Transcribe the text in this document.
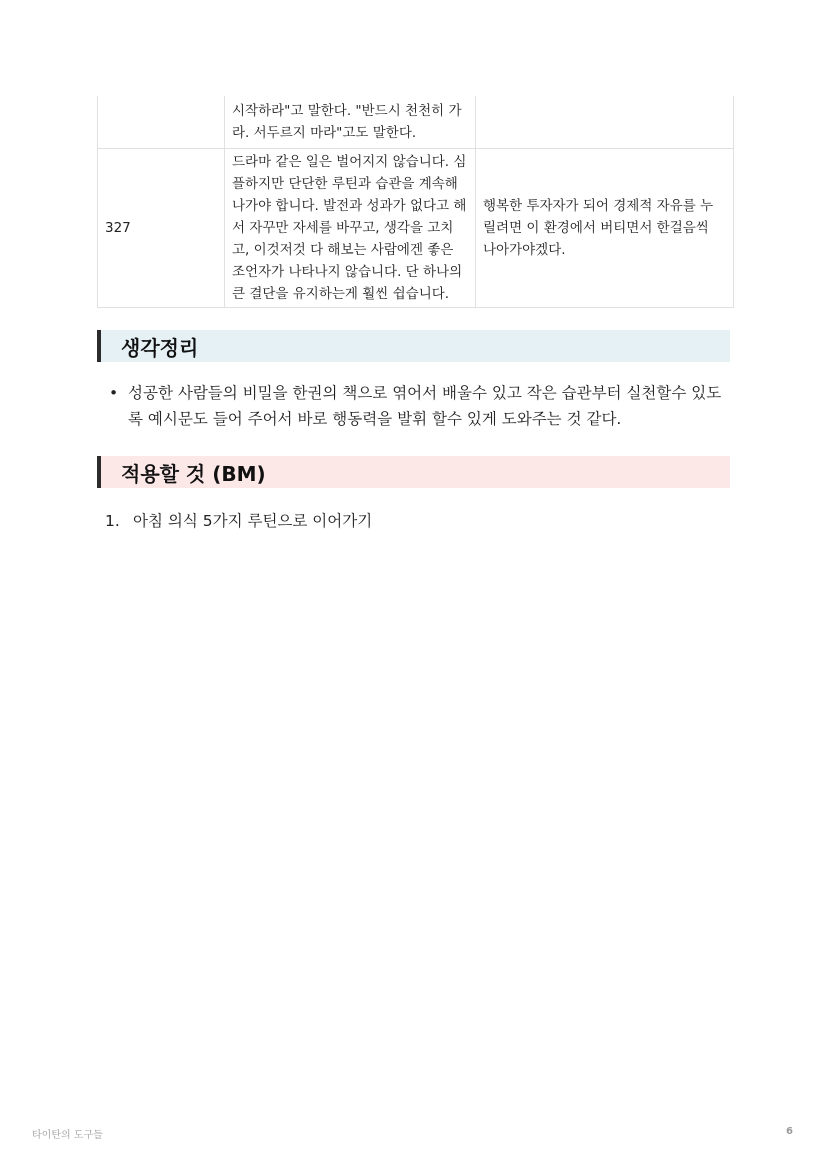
	시작하라"고 말한다. "반드시 천천히 가라. 서두르지 마라"고도 말한다.	
327	드라마 같은 일은 벌어지지 않습니다. 심플하지만 단단한 루틴과 습관을 계속해 나가야 합니다. 발전과 성과가 없다고 해서 자꾸만 자세를 바꾸고, 생각을 고치고, 이것저것 다 해보는 사람에겐 좋은 조언자가 나타나지 않습니다. 단 하나의 큰 결단을 유지하는게 훨씬 쉽습니다.	행복한 투자자가 되어 경제적 자유를 누릴려면 이 환경에서 버티면서 한걸음씩 나아가야겠다.
생각정리
• 성공한 사람들의 비밀을 한권의 책으로 엮어서 배울수 있고 작은 습관부터 실천할수 있도록 예시문도 들어 주어서 바로 행동력을 발휘 할수 있게 도와주는 것 같다.
적용할 것 (BM)
1. 아침 의식 5가지 루틴으로 이어가기
타이탄의 도구들	6
